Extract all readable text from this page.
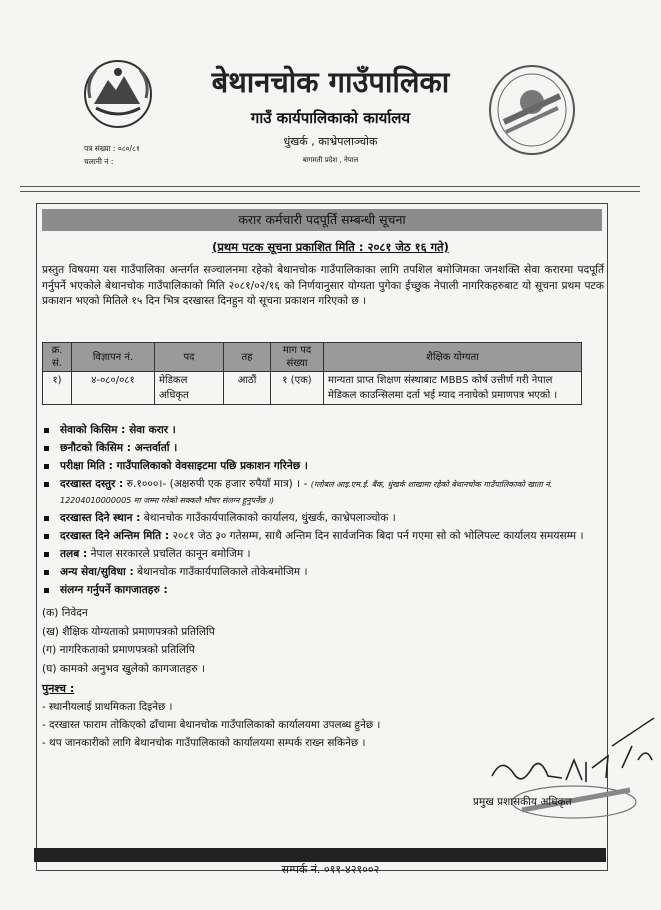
बेथानचोक गाउँपालिका
गाउँ कार्यपालिकाको कार्यालय
धुंखर्क , काभ्रेपलाञ्चोक
बागमती प्रदेश , नेपाल
पत्र संख्या : ०८०/८१
चलानी नं :
करार कर्मचारी पदपूर्ति सम्बन्धी सूचना
(प्रथम पटक सूचना प्रकाशित मिति : २०८१ जेठ १६ गते)
प्रस्तुत विषयमा यस गाउँपालिका अन्तर्गत सञ्चालनमा रहेको बेथानचोक गाउँपालिकाका लागि तपशिल बमोजिमका जनशक्ति सेवा करारमा पदपूर्ति गर्नुपर्ने भएकोले बेथानचोक गाउँपालिकाको मिति २०८१/०२/१६ को निर्णयानुसार योग्यता पुगेका ईच्छुक नेपाली नागरिकहरुबाट यो सूचना प्रथम पटक प्रकाशन भएको मितिले १५ दिन भित्र दरखास्त दिनहुन यो सूचना प्रकाशन गरिएको छ ।
क्र. सं.	विज्ञापन नं.	पद	तह	माग पद संख्या	शैक्षिक योग्यता
१)	४-०८०/०८१	मेडिकल अधिकृत	आठौं	१ (एक)	मान्यता प्राप्त शिक्षण संस्थाबाट MBBS कोर्ष उत्तीर्ण गरी नेपाल मेडिकल काउन्सिलमा दर्ता भई म्याद ननाघेको प्रमाणपत्र भएको ।
सेवाको किसिम : सेवा करार ।
छनौटको किसिम : अन्तर्वार्ता ।
परीक्षा मिति : गाउँपालिकाको वेवसाइटमा पछि प्रकाशन गरिनेछ ।
दरखास्त दस्तुर : रु.१०००।- (अक्षरुपी एक हजार रुपैयाँ मात्र) । - (ग्लोबल आइ.एम.ई. बैंक, धुंखर्क शाखामा रहेको बेथानचोक गाउँपालिकाको खाता नं. 12204010000005 मा जम्मा गरेको सक्कलै भौचर संलग्न हुनुपर्नेछ ।)
दरखास्त दिने स्थान : बेथानचोक गाउँकार्यपालिकाको कार्यालय, धुंखर्क, काभ्रेपलाञ्चोक ।
दरखास्त दिने अन्तिम मिति : २०८१ जेठ ३० गतेसम्म, साथै अन्तिम दिन सार्वजनिक बिदा पर्न गएमा सो को भोलिपल्ट कार्यालय समयसम्म ।
तलब : नेपाल सरकारले प्रचलित कानून बमोजिम ।
अन्य सेवा/सुविधा : बेथानचोक गाउँकार्यपालिकाले तोकेबमोजिम ।
संलग्न गर्नुपर्ने कागजातहरु :
(क) निवेदन
(ख) शैक्षिक योग्यताको प्रमाणपत्रको प्रतिलिपि
(ग) नागरिकताको प्रमाणपत्रको प्रतिलिपि
(घ) कामको अनुभव खुलेको कागजातहरु ।
पुनश्च :
- स्थानीयलाई प्राथमिकता दिइनेछ ।
- दरखास्त फाराम तोकिएको ढाँचामा बेथानचोक गाउँपालिकाको कार्यालयमा उपलब्ध हुनेछ ।
- थप जानकारीको लागि बेथानचोक गाउँपालिकाको कार्यालयमा सम्पर्क राख्न सकिनेछ ।
प्रमुख प्रशासकीय अधिकृत
सम्पर्क नं. ०११-४२१००२
